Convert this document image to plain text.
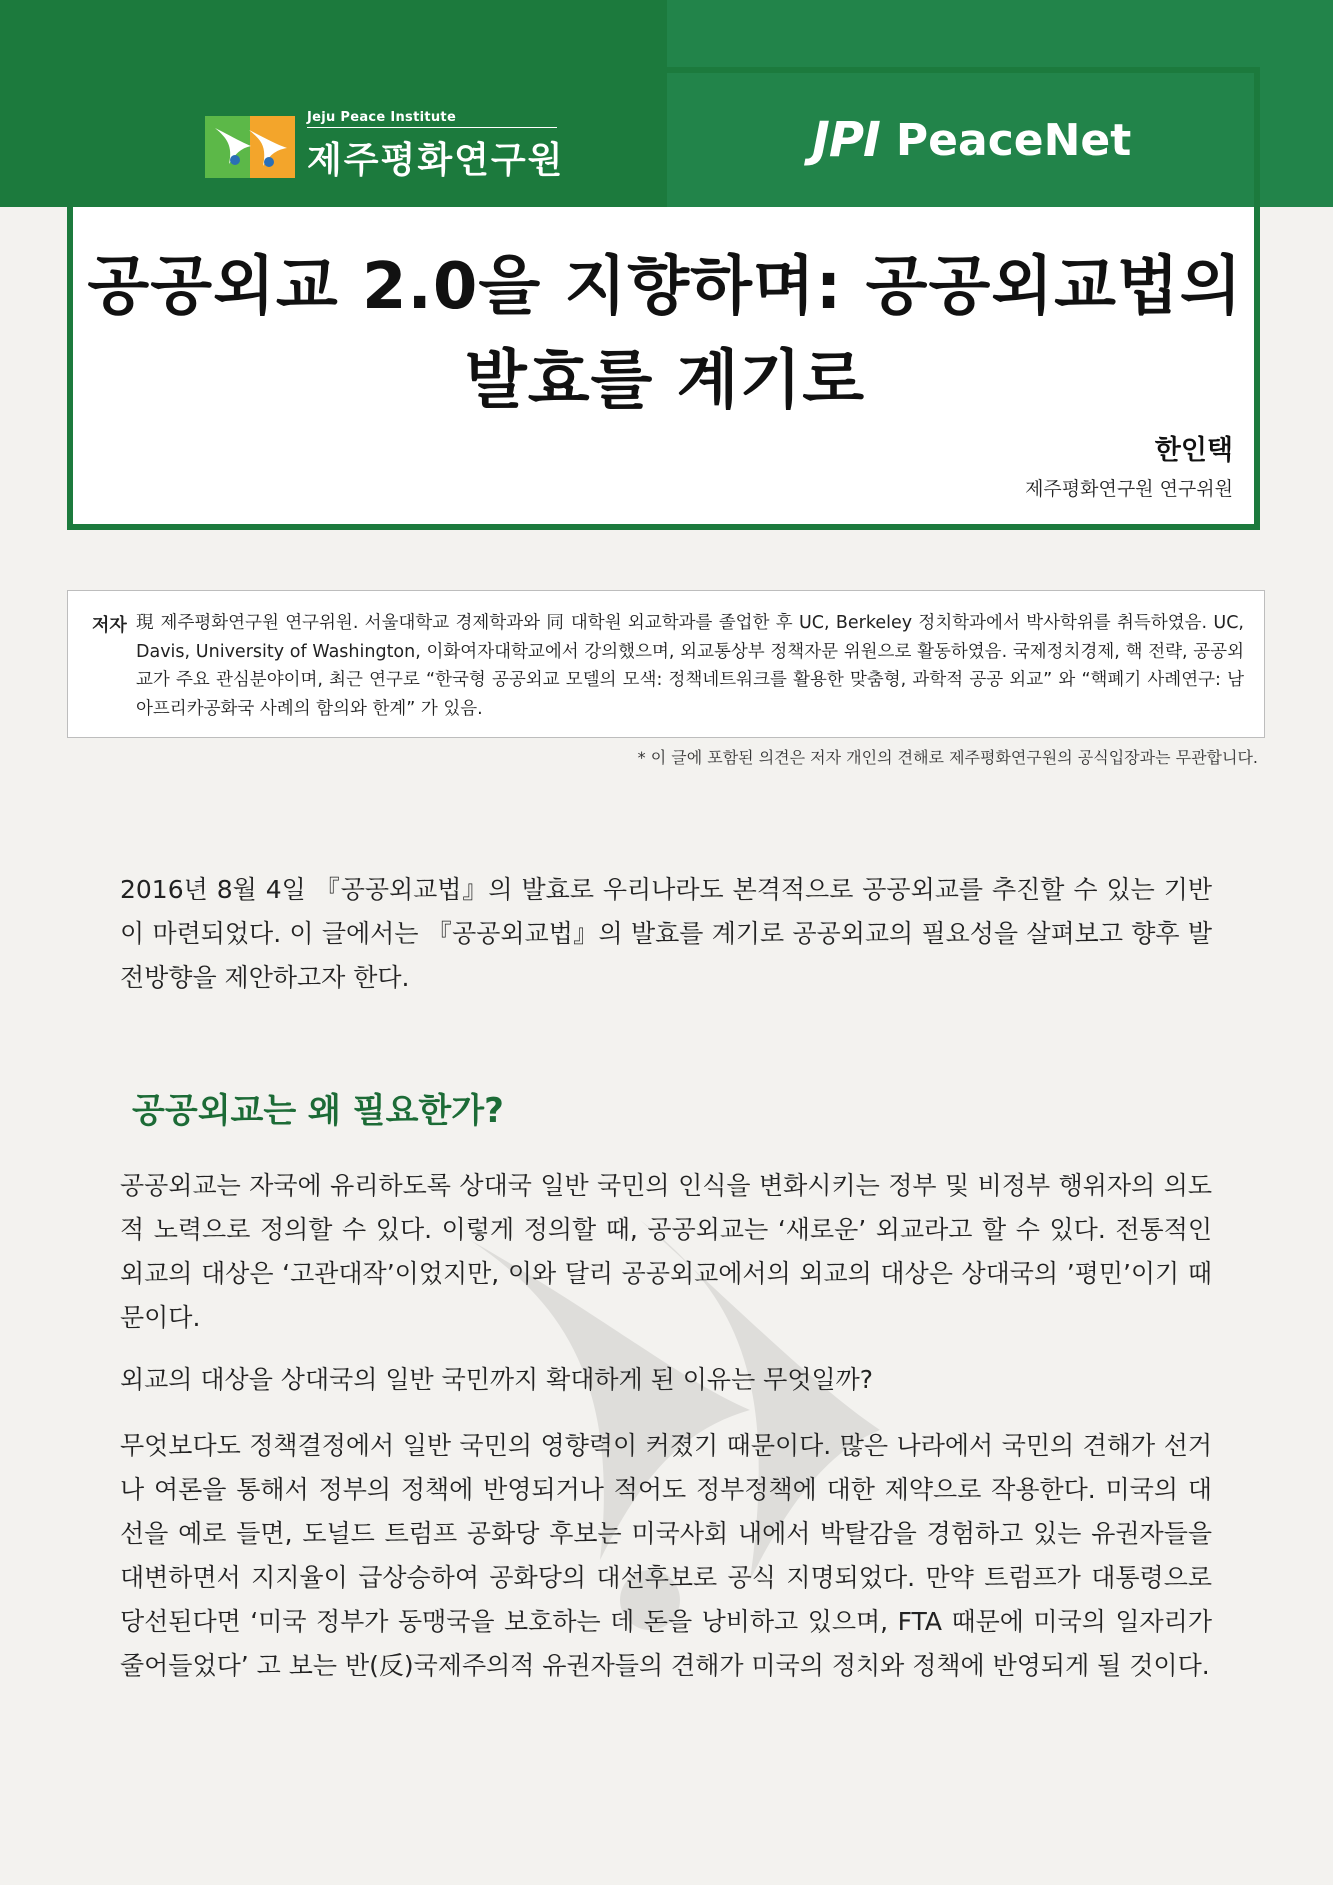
Jeju Peace Institute
제주평화연구원	JPI PeaceNet
공공외교 2.0을 지향하며: 공공외교법의
발효를 계기로
한인택
제주평화연구원 연구위원
저자 現 제주평화연구원 연구위원. 서울대학교 경제학과와 同 대학원 외교학과를 졸업한 후 UC, Berkeley 정치학과에서 박사학위를 취득하였음. UC, Davis, University of Washington, 이화여자대학교에서 강의했으며, 외교통상부 정책자문 위원으로 활동하였음. 국제정치경제, 핵 전략, 공공외교가 주요 관심분야이며, 최근 연구로 “한국형 공공외교 모델의 모색: 정책네트워크를 활용한 맞춤형, 과학적 공공 외교” 와 “핵폐기 사례연구: 남아프리카공화국 사례의 함의와 한계” 가 있음.
* 이 글에 포함된 의견은 저자 개인의 견해로 제주평화연구원의 공식입장과는 무관합니다.
2016년 8월 4일 『공공외교법』의 발효로 우리나라도 본격적으로 공공외교를 추진할 수 있는 기반이 마련되었다. 이 글에서는 『공공외교법』의 발효를 계기로 공공외교의 필요성을 살펴보고 향후 발전방향을 제안하고자 한다.
공공외교는 왜 필요한가?
공공외교는 자국에 유리하도록 상대국 일반 국민의 인식을 변화시키는 정부 및 비정부 행위자의 의도적 노력으로 정의할 수 있다. 이렇게 정의할 때, 공공외교는 ‘새로운’ 외교라고 할 수 있다. 전통적인 외교의 대상은 ‘고관대작’이었지만, 이와 달리 공공외교에서의 외교의 대상은 상대국의 ’평민’이기 때문이다.
외교의 대상을 상대국의 일반 국민까지 확대하게 된 이유는 무엇일까?
무엇보다도 정책결정에서 일반 국민의 영향력이 커졌기 때문이다. 많은 나라에서 국민의 견해가 선거나 여론을 통해서 정부의 정책에 반영되거나 적어도 정부정책에 대한 제약으로 작용한다. 미국의 대선을 예로 들면, 도널드 트럼프 공화당 후보는 미국사회 내에서 박탈감을 경험하고 있는 유권자들을 대변하면서 지지율이 급상승하여 공화당의 대선후보로 공식 지명되었다. 만약 트럼프가 대통령으로 당선된다면 ‘미국 정부가 동맹국을 보호하는 데 돈을 낭비하고 있으며, FTA 때문에 미국의 일자리가 줄어들었다’ 고 보는 반(反)국제주의적 유권자들의 견해가 미국의 정치와 정책에 반영되게 될 것이다.
